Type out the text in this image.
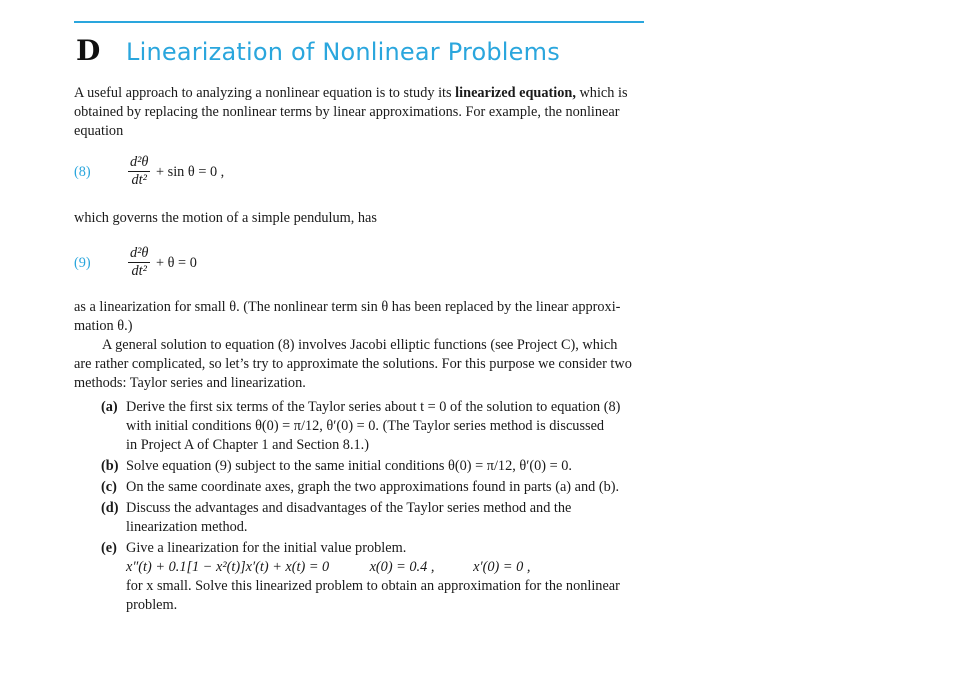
D	Linearization of Nonlinear Problems
A useful approach to analyzing a nonlinear equation is to study its linearized equation, which is
obtained by replacing the nonlinear terms by linear approximations. For example, the nonlinear
equation
(8)	$\frac{\text{d²θ}}{\text{dt²}} + \sin \theta = 0$ ,
which governs the motion of a simple pendulum, has
(9)	$\frac{\text{d²θ}}{\text{dt²}} + \theta = 0$
as a linearization for small θ. (The nonlinear term sin θ has been replaced by the linear approxi-
mation θ.)
A general solution to equation (8) involves Jacobi elliptic functions (see Project C), which
are rather complicated, so let’s try to approximate the solutions. For this purpose we consider two
methods: Taylor series and linearization.
(a) Derive the first six terms of the Taylor series about t = 0 of the solution to equation (8)
with initial conditions θ(0) = π/12, θ′(0) = 0. (The Taylor series method is discussed
in Project A of Chapter 1 and Section 8.1.)
(b) Solve equation (9) subject to the same initial conditions θ(0) = π/12, θ′(0) = 0.
(c) On the same coordinate axes, graph the two approximations found in parts (a) and (b).
(d) Discuss the advantages and disadvantages of the Taylor series method and the
linearization method.
(e) Give a linearization for the initial value problem.
x″(t) + 0.1[1 − x²(t)]x′(t) + x(t) = 0	x(0) = 0.4 ,	x′(0) = 0 ,
for x small. Solve this linearized problem to obtain an approximation for the nonlinear
problem.
